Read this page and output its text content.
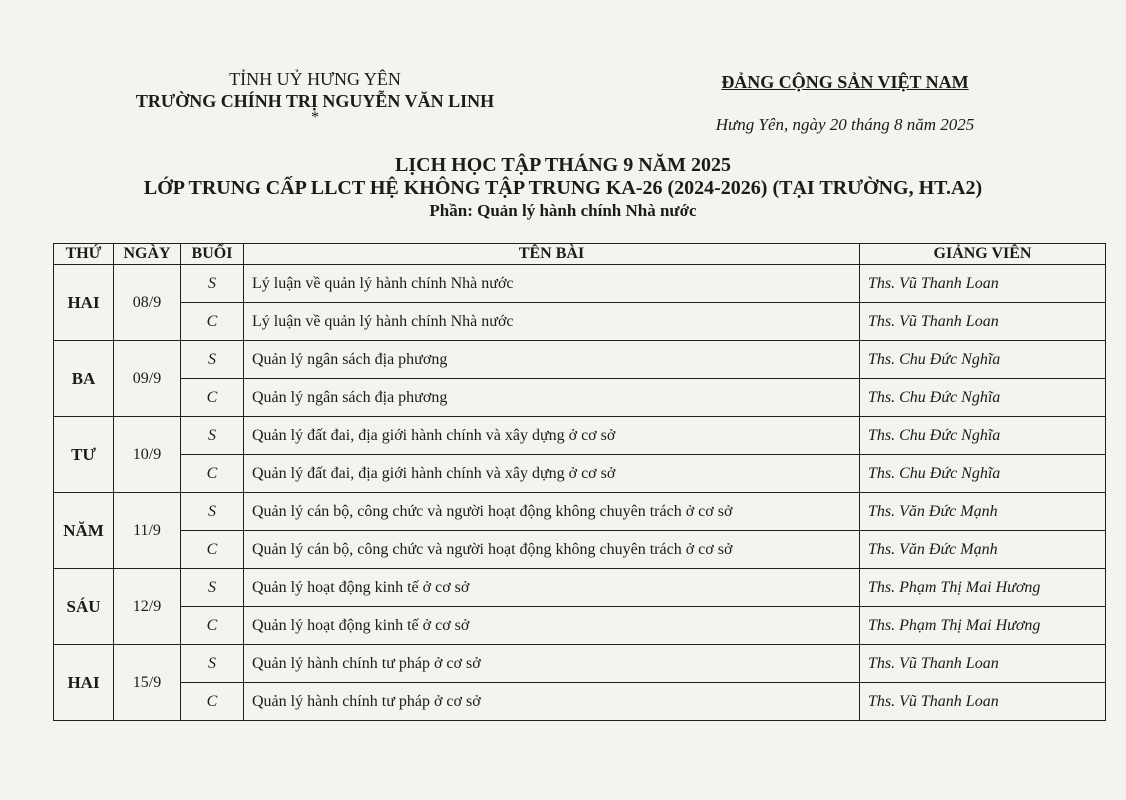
TỈNH UỶ HƯNG YÊN
TRƯỜNG CHÍNH TRỊ NGUYỄN VĂN LINH
*
ĐẢNG CỘNG SẢN VIỆT NAM
Hưng Yên, ngày 20 tháng 8 năm 2025
LỊCH HỌC TẬP THÁNG 9 NĂM 2025
LỚP TRUNG CẤP LLCT HỆ KHÔNG TẬP TRUNG KA-26 (2024-2026) (TẠI TRƯỜNG, HT.A2)
Phần: Quản lý hành chính Nhà nước
THỨ	NGÀY	BUỔI	TÊN BÀI	GIẢNG VIÊN
HAI	08/9	S	Lý luận về quản lý hành chính Nhà nước	Ths. Vũ Thanh Loan
		C	Lý luận về quản lý hành chính Nhà nước	Ths. Vũ Thanh Loan
BA	09/9	S	Quản lý ngân sách địa phương	Ths. Chu Đức Nghĩa
		C	Quản lý ngân sách địa phương	Ths. Chu Đức Nghĩa
TƯ	10/9	S	Quản lý đất đai, địa giới hành chính và xây dựng ở cơ sở	Ths. Chu Đức Nghĩa
		C	Quản lý đất đai, địa giới hành chính và xây dựng ở cơ sở	Ths. Chu Đức Nghĩa
NĂM	11/9	S	Quản lý cán bộ, công chức và người hoạt động không chuyên trách ở cơ sở	Ths. Văn Đức Mạnh
		C	Quản lý cán bộ, công chức và người hoạt động không chuyên trách ở cơ sở	Ths. Văn Đức Mạnh
SÁU	12/9	S	Quản lý hoạt động kinh tế ở cơ sở	Ths. Phạm Thị Mai Hương
		C	Quản lý hoạt động kinh tế ở cơ sở	Ths. Phạm Thị Mai Hương
HAI	15/9	S	Quản lý hành chính tư pháp ở cơ sở	Ths. Vũ Thanh Loan
		C	Quản lý hành chính tư pháp ở cơ sở	Ths. Vũ Thanh Loan
